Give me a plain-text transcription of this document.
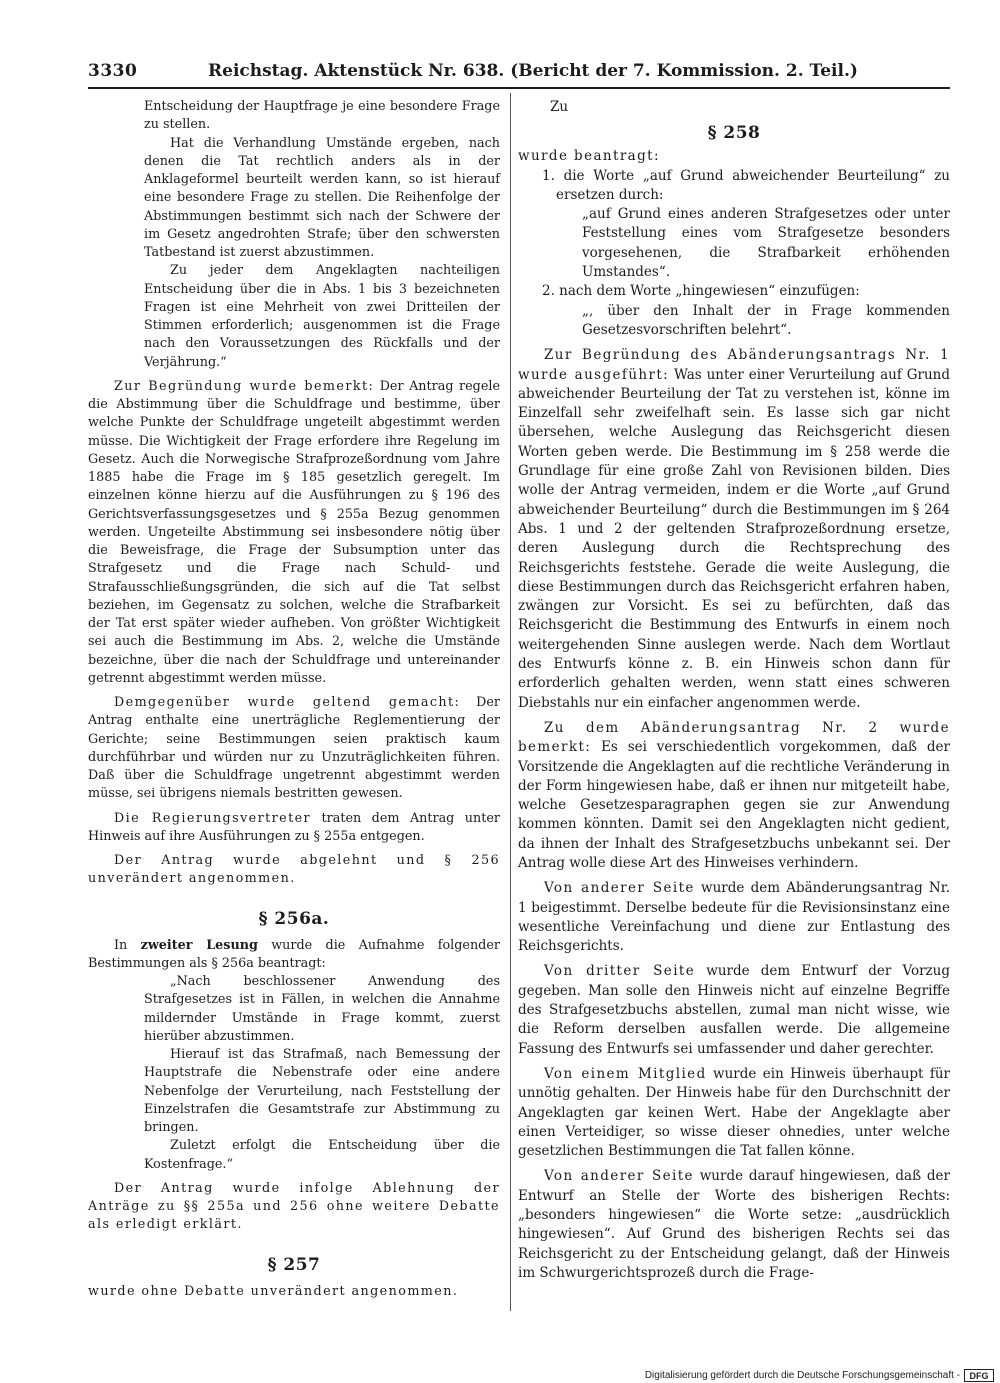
3330	Reichstag. Aktenstück Nr. 638. (Bericht der 7. Kommission. 2. Teil.)

Entscheidung der Hauptfrage je eine besondere Frage zu stellen.

Hat die Verhandlung Umstände ergeben, nach denen die Tat rechtlich anders als in der Anklageformel beurteilt werden kann, so ist hierauf eine besondere Frage zu stellen. Die Reihenfolge der Abstimmungen bestimmt sich nach der Schwere der im Gesetz angedrohten Strafe; über den schwersten Tatbestand ist zuerst abzustimmen.

Zu jeder dem Angeklagten nachteiligen Entscheidung über die in Abs. 1 bis 3 bezeichneten Fragen ist eine Mehrheit von zwei Dritteilen der Stimmen erforderlich; ausgenommen ist die Frage nach den Voraussetzungen des Rückfalls und der Verjährung.“

Zur Begründung wurde bemerkt: Der Antrag regele die Abstimmung über die Schuldfrage und bestimme, über welche Punkte der Schuldfrage ungeteilt abgestimmt werden müsse. Die Wichtigkeit der Frage erfordere ihre Regelung im Gesetz. Auch die Norwegische Strafprozeßordnung vom Jahre 1885 habe die Frage im § 185 gesetzlich geregelt. Im einzelnen könne hierzu auf die Ausführungen zu § 196 des Gerichtsverfassungsgesetzes und § 255a Bezug genommen werden. Ungeteilte Abstimmung sei insbesondere nötig über die Beweisfrage, die Frage der Subsumption unter das Strafgesetz und die Frage nach Schuld- und Strafausschließungsgründen, die sich auf die Tat selbst beziehen, im Gegensatz zu solchen, welche die Strafbarkeit der Tat erst später wieder aufheben. Von größter Wichtigkeit sei auch die Bestimmung im Abs. 2, welche die Umstände bezeichne, über die nach der Schuldfrage und untereinander getrennt abgestimmt werden müsse.

Demgegenüber wurde geltend gemacht: Der Antrag enthalte eine unerträgliche Reglementierung der Gerichte; seine Bestimmungen seien praktisch kaum durchführbar und würden nur zu Unzuträglichkeiten führen. Daß über die Schuldfrage ungetrennt abgestimmt werden müsse, sei übrigens niemals bestritten gewesen.

Die Regierungsvertreter traten dem Antrag unter Hinweis auf ihre Ausführungen zu § 255a entgegen.

Der Antrag wurde abgelehnt und § 256 unverändert angenommen.

§ 256a.

In zweiter Lesung wurde die Aufnahme folgender Bestimmungen als § 256a beantragt:

„Nach beschlossener Anwendung des Strafgesetzes ist in Fällen, in welchen die Annahme mildernder Umstände in Frage kommt, zuerst hierüber abzustimmen.

Hierauf ist das Strafmaß, nach Bemessung der Hauptstrafe die Nebenstrafe oder eine andere Nebenfolge der Verurteilung, nach Feststellung der Einzelstrafen die Gesamtstrafe zur Abstimmung zu bringen.

Zuletzt erfolgt die Entscheidung über die Kostenfrage.“

Der Antrag wurde infolge Ablehnung der Anträge zu §§ 255a und 256 ohne weitere Debatte als erledigt erklärt.

§ 257

wurde ohne Debatte unverändert angenommen.

Zu

§ 258

wurde beantragt:

1. die Worte „auf Grund abweichender Beurteilung“ zu ersetzen durch:

„auf Grund eines anderen Strafgesetzes oder unter Feststellung eines vom Strafgesetze besonders vorgesehenen, die Strafbarkeit erhöhenden Umstandes“.

2. nach dem Worte „hingewiesen“ einzufügen:

„, über den Inhalt der in Frage kommenden Gesetzesvorschriften belehrt“.

Zur Begründung des Abänderungsantrags Nr. 1 wurde ausgeführt: Was unter einer Verurteilung auf Grund abweichender Beurteilung der Tat zu verstehen ist, könne im Einzelfall sehr zweifelhaft sein. Es lasse sich gar nicht übersehen, welche Auslegung das Reichsgericht diesen Worten geben werde. Die Bestimmung im § 258 werde die Grundlage für eine große Zahl von Revisionen bilden. Dies wolle der Antrag vermeiden, indem er die Worte „auf Grund abweichender Beurteilung“ durch die Bestimmungen im § 264 Abs. 1 und 2 der geltenden Strafprozeßordnung ersetze, deren Auslegung durch die Rechtsprechung des Reichsgerichts feststehe. Gerade die weite Auslegung, die diese Bestimmungen durch das Reichsgericht erfahren haben, zwängen zur Vorsicht. Es sei zu befürchten, daß das Reichsgericht die Bestimmung des Entwurfs in einem noch weitergehenden Sinne auslegen werde. Nach dem Wortlaut des Entwurfs könne z. B. ein Hinweis schon dann für erforderlich gehalten werden, wenn statt eines schweren Diebstahls nur ein einfacher angenommen werde.

Zu dem Abänderungsantrag Nr. 2 wurde bemerkt: Es sei verschiedentlich vorgekommen, daß der Vorsitzende die Angeklagten auf die rechtliche Veränderung in der Form hingewiesen habe, daß er ihnen nur mitgeteilt habe, welche Gesetzesparagraphen gegen sie zur Anwendung kommen könnten. Damit sei den Angeklagten nicht gedient, da ihnen der Inhalt des Strafgesetzbuchs unbekannt sei. Der Antrag wolle diese Art des Hinweises verhindern.

Von anderer Seite wurde dem Abänderungsantrag Nr. 1 beigestimmt. Derselbe bedeute für die Revisionsinstanz eine wesentliche Vereinfachung und diene zur Entlastung des Reichsgerichts.

Von dritter Seite wurde dem Entwurf der Vorzug gegeben. Man solle den Hinweis nicht auf einzelne Begriffe des Strafgesetzbuchs abstellen, zumal man nicht wisse, wie die Reform derselben ausfallen werde. Die allgemeine Fassung des Entwurfs sei umfassender und daher gerechter.

Von einem Mitglied wurde ein Hinweis überhaupt für unnötig gehalten. Der Hinweis habe für den Durchschnitt der Angeklagten gar keinen Wert. Habe der Angeklagte aber einen Verteidiger, so wisse dieser ohnedies, unter welche gesetzlichen Bestimmungen die Tat fallen könne.

Von anderer Seite wurde darauf hingewiesen, daß der Entwurf an Stelle der Worte des bisherigen Rechts: „besonders hingewiesen“ die Worte setze: „ausdrücklich hingewiesen“. Auf Grund des bisherigen Rechts sei das Reichsgericht zu der Entscheidung gelangt, daß der Hinweis im Schwurgerichtsprozeß durch die Frage-

Digitalisierung gefördert durch die Deutsche Forschungsgemeinschaft -	DFG
